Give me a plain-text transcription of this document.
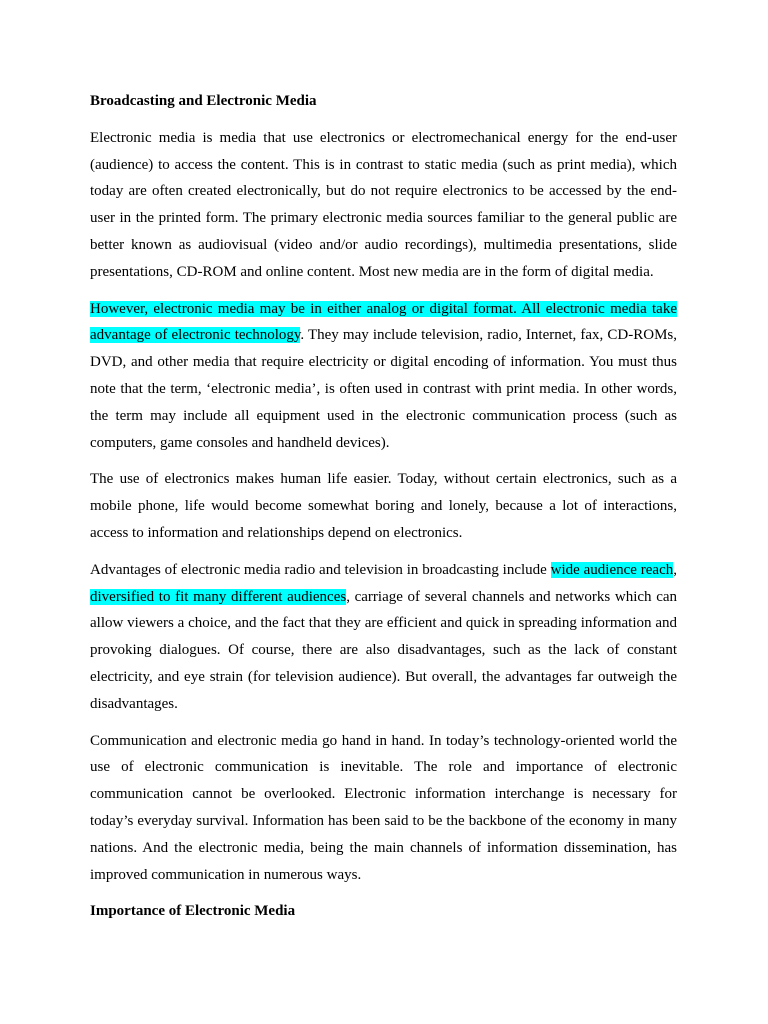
Broadcasting and Electronic Media

Electronic media is media that use electronics or electromechanical energy for the end-user (audience) to access the content. This is in contrast to static media (such as print media), which today are often created electronically, but do not require electronics to be accessed by the end-user in the printed form. The primary electronic media sources familiar to the general public are better known as audiovisual (video and/or audio recordings), multimedia presentations, slide presentations, CD-ROM and online content. Most new media are in the form of digital media.

However, electronic media may be in either analog or digital format. All electronic media take advantage of electronic technology. They may include television, radio, Internet, fax, CD-ROMs, DVD, and other media that require electricity or digital encoding of information. You must thus note that the term, ‘electronic media’, is often used in contrast with print media. In other words, the term may include all equipment used in the electronic communication process (such as computers, game consoles and handheld devices).

The use of electronics makes human life easier. Today, without certain electronics, such as a mobile phone, life would become somewhat boring and lonely, because a lot of interactions, access to information and relationships depend on electronics.

Advantages of electronic media radio and television in broadcasting include wide audience reach, diversified to fit many different audiences, carriage of several channels and networks which can allow viewers a choice, and the fact that they are efficient and quick in spreading information and provoking dialogues. Of course, there are also disadvantages, such as the lack of constant electricity, and eye strain (for television audience). But overall, the advantages far outweigh the disadvantages.

Communication and electronic media go hand in hand. In today’s technology-oriented world the use of electronic communication is inevitable. The role and importance of electronic communication cannot be overlooked. Electronic information interchange is necessary for today’s everyday survival. Information has been said to be the backbone of the economy in many nations. And the electronic media, being the main channels of information dissemination, has improved communication in numerous ways.

Importance of Electronic Media
